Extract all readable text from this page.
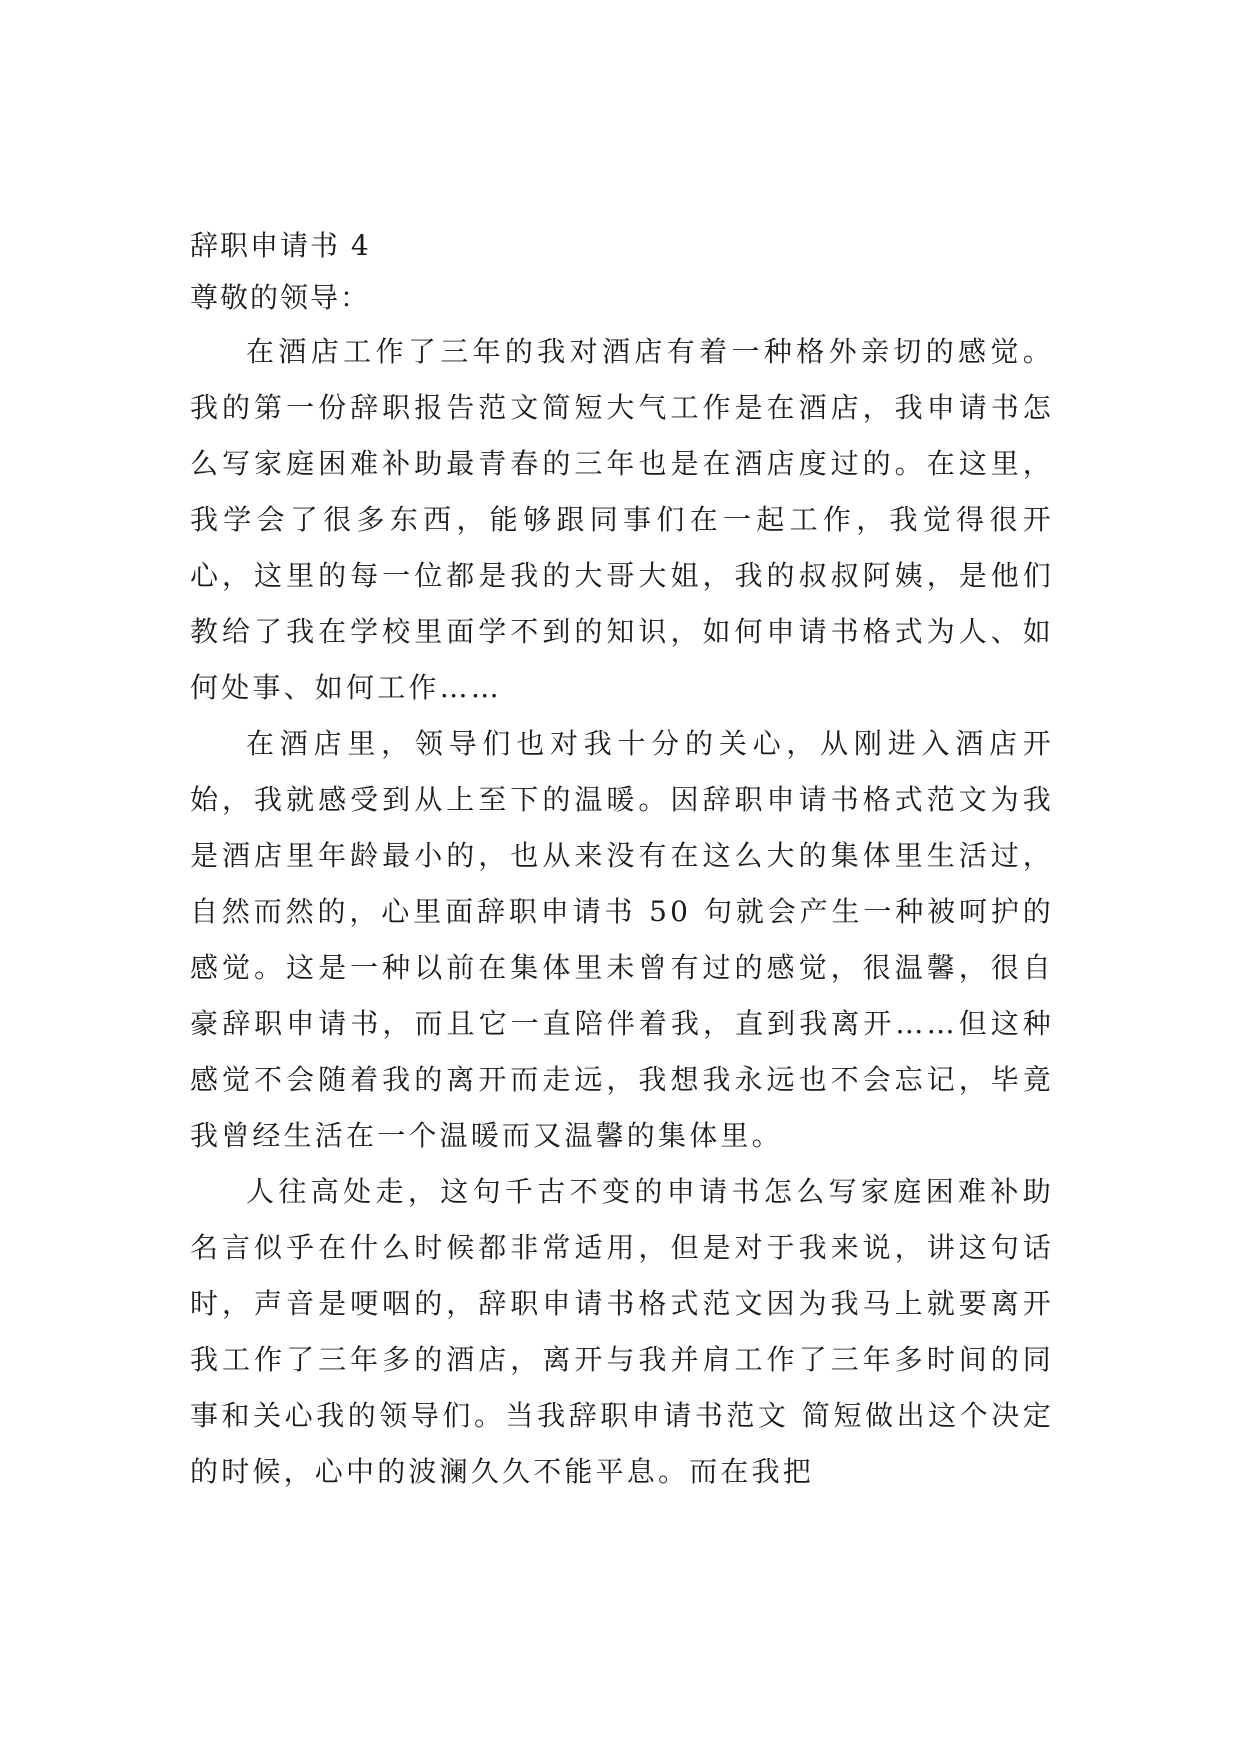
辞职申请书 4
尊敬的领导：

在酒店工作了三年的我对酒店有着一种格外亲切的感觉。我的第一份辞职报告范文简短大气工作是在酒店，我申请书怎么写家庭困难补助最青春的三年也是在酒店度过的。在这里，我学会了很多东西，能够跟同事们在一起工作，我觉得很开心，这里的每一位都是我的大哥大姐，我的叔叔阿姨，是他们教给了我在学校里面学不到的知识，如何申请书格式为人、如何处事、如何工作……

在酒店里，领导们也对我十分的关心，从刚进入酒店开始，我就感受到从上至下的温暖。因辞职申请书格式范文为我是酒店里年龄最小的，也从来没有在这么大的集体里生活过，自然而然的，心里面辞职申请书 50 句就会产生一种被呵护的感觉。这是一种以前在集体里未曾有过的感觉，很温馨，很自豪辞职申请书，而且它一直陪伴着我，直到我离开……但这种感觉不会随着我的离开而走远，我想我永远也不会忘记，毕竟我曾经生活在一个温暖而又温馨的集体里。

人往高处走，这句千古不变的申请书怎么写家庭困难补助名言似乎在什么时候都非常适用，但是对于我来说，讲这句话时，声音是哽咽的，辞职申请书格式范文因为我马上就要离开我工作了三年多的酒店，离开与我并肩工作了三年多时间的同事和关心我的领导们。当我辞职申请书范文 简短做出这个决定的时候，心中的波澜久久不能平息。而在我把
